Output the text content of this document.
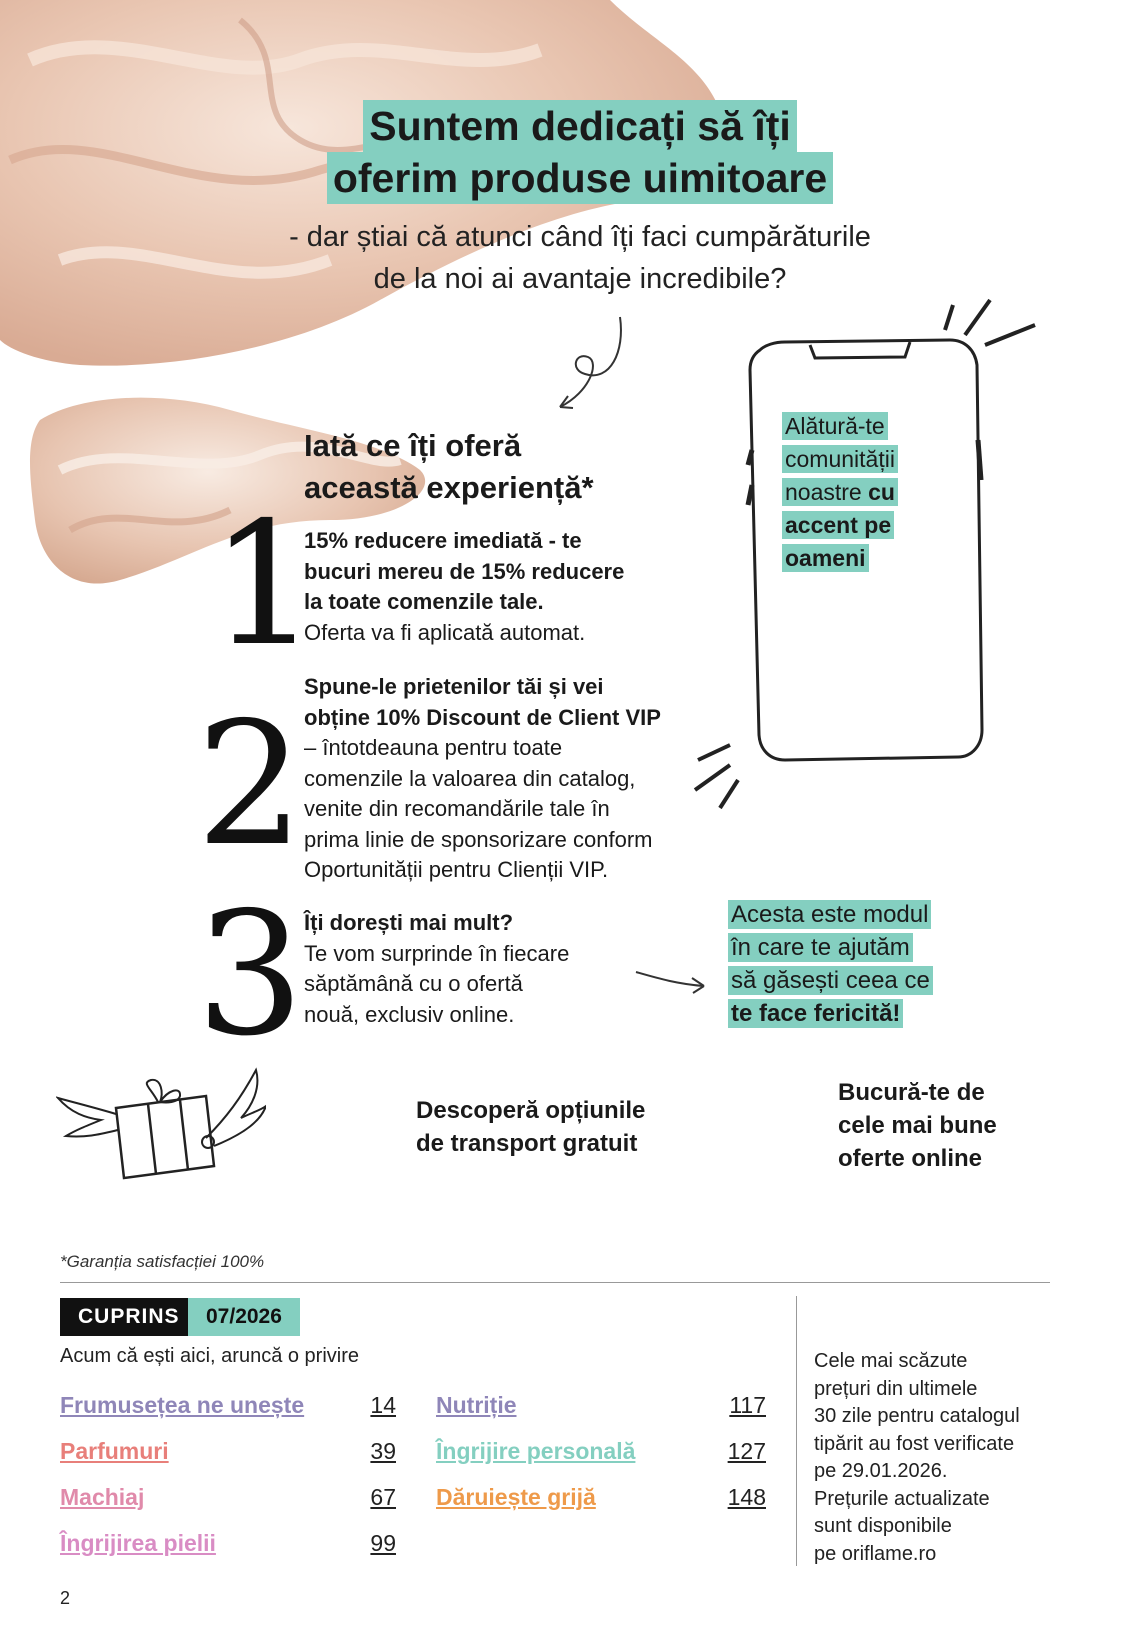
Suntem dedicați să îți
oferim produse uimitoare
- dar știai că atunci când îți faci cumpărăturile
de la noi ai avantaje incredibile?
Iată ce îți oferă
această experiență*
1
15% reducere imediată - te
bucuri mereu de 15% reducere
la toate comenzile tale.
Oferta va fi aplicată automat.
2 Spune-le prietenilor tăi și vei
obține 10% Discount de Client VIP
– întotdeauna pentru toate
comenzile la valoarea din catalog,
venite din recomandările tale în
prima linie de sponsorizare conform
Oportunității pentru Clienții VIP.
3 Îți dorești mai mult?
Te vom surprinde în fiecare
săptămână cu o ofertă
nouă, exclusiv online.
Alătură-te
comunității
noastre cu
accent pe
oameni
Acesta este modul
în care te ajutăm
să găsești ceea ce
te face fericită!
Descoperă opțiunile
de transport gratuit
Bucură-te de
cele mai bune
oferte online
*Garanția satisfacției 100%
CUPRINS	07/2026
Acum că ești aici, aruncă o privire
Frumusețea ne unește	14
Parfumuri	39
Machiaj	67
Îngrijirea pielii	99
Nutriție	117
Îngrijire personală	127
Dăruiește grijă	148
Cele mai scăzute
prețuri din ultimele
30 zile pentru catalogul
tipărit au fost verificate
pe 29.01.2026.
Prețurile actualizate
sunt disponibile
pe oriflame.ro
2
